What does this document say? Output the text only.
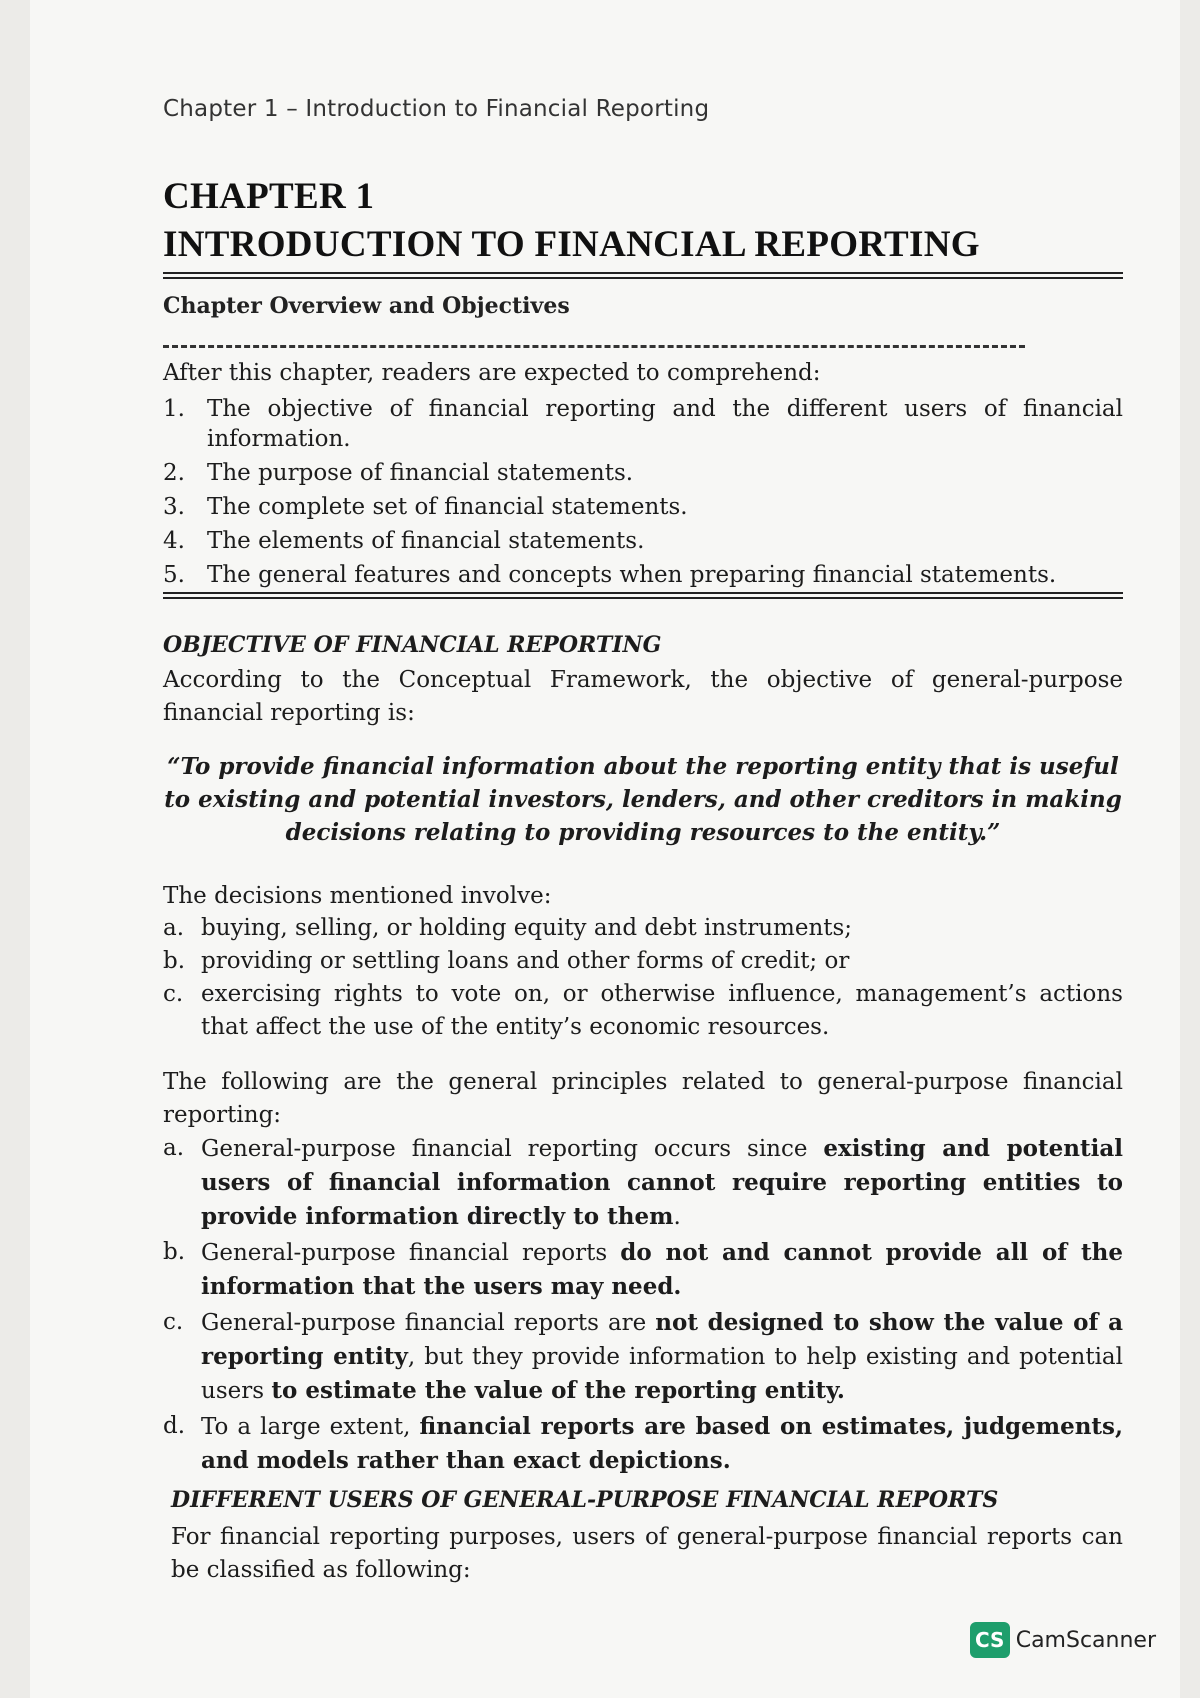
Chapter 1 – Introduction to Financial Reporting
CHAPTER 1
INTRODUCTION TO FINANCIAL REPORTING
Chapter Overview and Objectives
After this chapter, readers are expected to comprehend:
1. The objective of financial reporting and the different users of financial information.
2. The purpose of financial statements.
3. The complete set of financial statements.
4. The elements of financial statements.
5. The general features and concepts when preparing financial statements.
OBJECTIVE OF FINANCIAL REPORTING

According to the Conceptual Framework, the objective of general-purpose financial reporting is:

“To provide financial information about the reporting entity that is useful to existing and potential investors, lenders, and other creditors in making decisions relating to providing resources to the entity.”

The decisions mentioned involve:

a. buying, selling, or holding equity and debt instruments;
b. providing or settling loans and other forms of credit; or
c. exercising rights to vote on, or otherwise influence, management’s actions that affect the use of the entity’s economic resources.

The following are the general principles related to general-purpose financial reporting:

a. General-purpose financial reporting occurs since existing and potential users of financial information cannot require reporting entities to provide information directly to them.
b. General-purpose financial reports do not and cannot provide all of the information that the users may need.
c. General-purpose financial reports are not designed to show the value of a reporting entity, but they provide information to help existing and potential users to estimate the value of the reporting entity.
d. To a large extent, financial reports are based on estimates, judgements, and models rather than exact depictions.
DIFFERENT USERS OF GENERAL-PURPOSE FINANCIAL REPORTS

For financial reporting purposes, users of general-purpose financial reports can be classified as following:

CS CamScanner
